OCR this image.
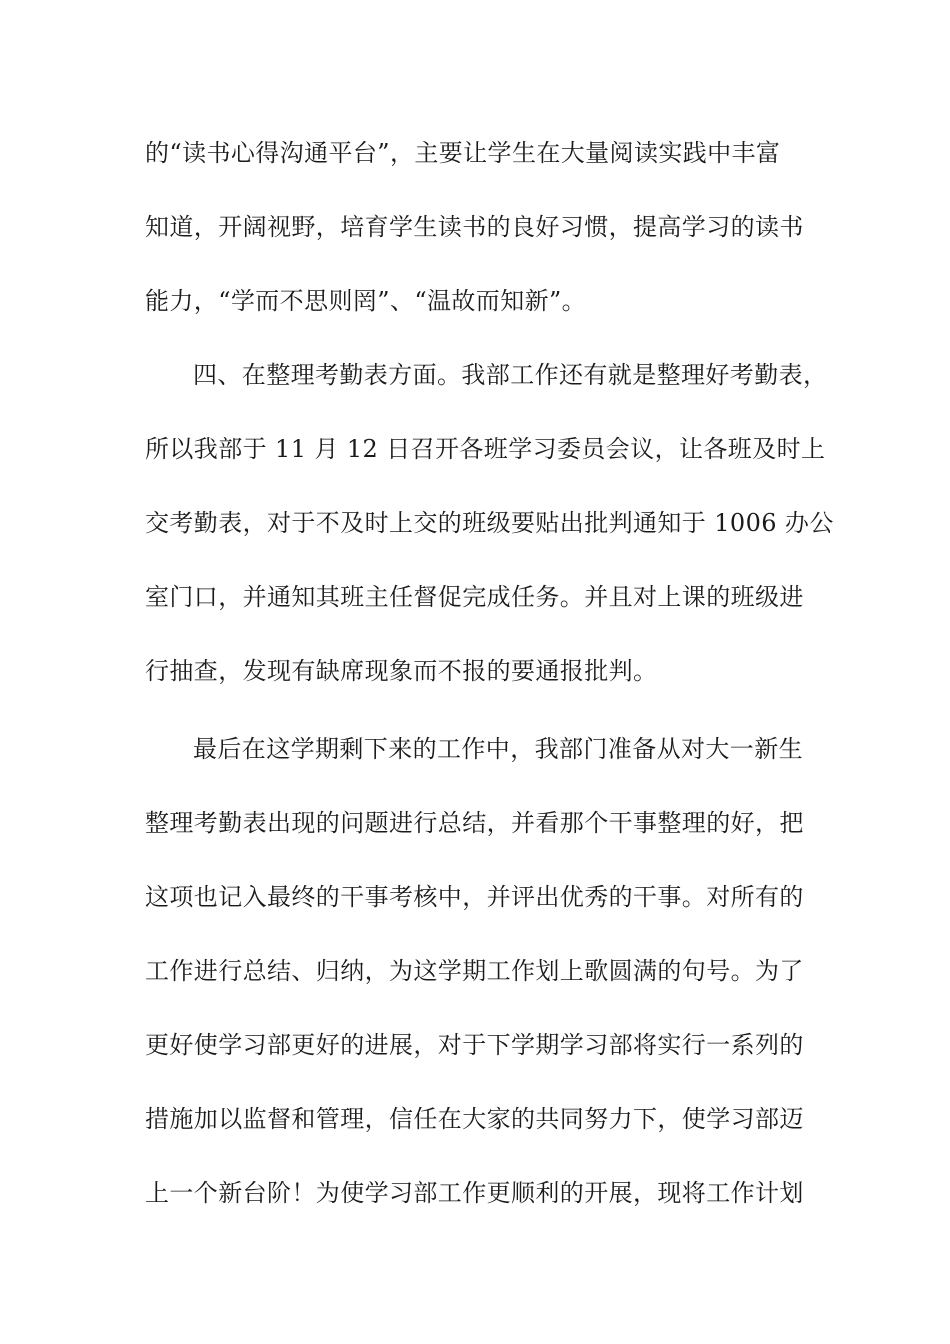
的“读书心得沟通平台”，主要让学生在大量阅读实践中丰富
知道，开阔视野，培育学生读书的良好习惯，提高学习的读书
能力，“学而不思则罔”、“温故而知新”。
四、在整理考勤表方面。我部工作还有就是整理好考勤表，
所以我部于 11 月 12 日召开各班学习委员会议，让各班及时上
交考勤表，对于不及时上交的班级要贴出批判通知于 1006 办公
室门口，并通知其班主任督促完成任务。并且对上课的班级进
行抽查，发现有缺席现象而不报的要通报批判。
最后在这学期剩下来的工作中，我部门准备从对大一新生
整理考勤表出现的问题进行总结，并看那个干事整理的好，把
这项也记入最终的干事考核中，并评出优秀的干事。对所有的
工作进行总结、归纳，为这学期工作划上歌圆满的句号。为了
更好使学习部更好的进展，对于下学期学习部将实行一系列的
措施加以监督和管理，信任在大家的共同努力下，使学习部迈
上一个新台阶！为使学习部工作更顺利的开展，现将工作计划
